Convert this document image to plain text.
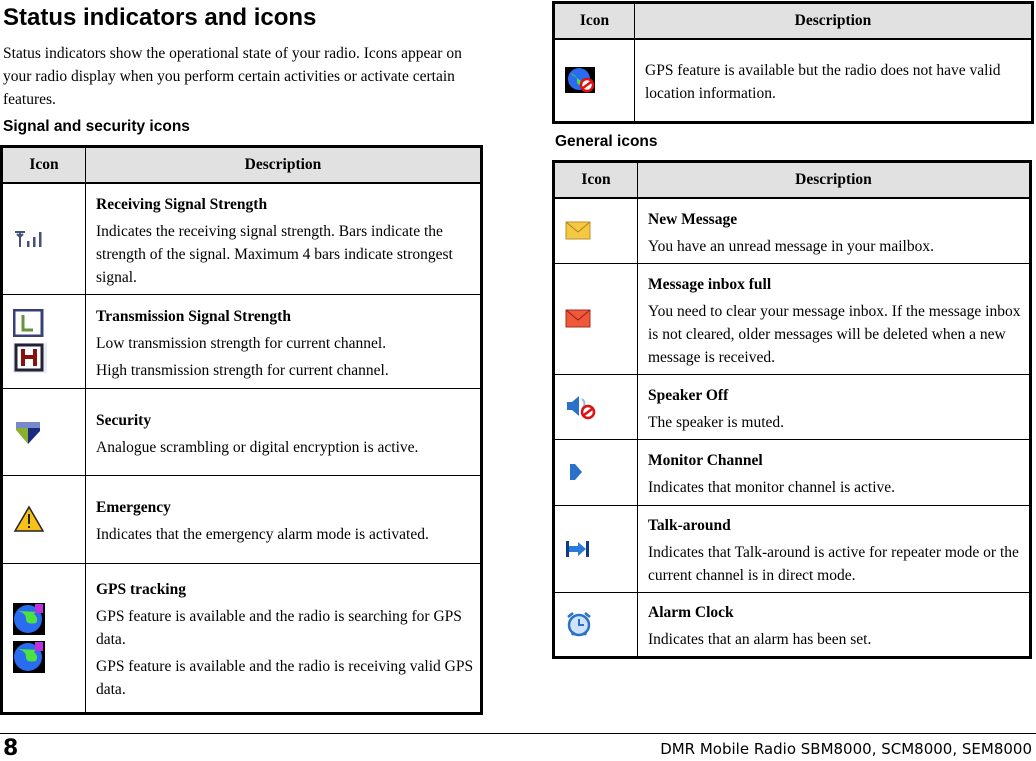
Status indicators and icons
Status indicators show the operational state of your radio. Icons appear on your radio display when you perform certain activities or activate certain features.
Signal and security icons
Icon	Description

Receiving Signal Strength
Indicates the receiving signal strength. Bars indicate the strength of the signal. Maximum 4 bars indicate strongest signal.

Transmission Signal Strength
Low transmission strength for current channel.
High transmission strength for current channel.

Security
Analogue scrambling or digital encryption is active.

Emergency
Indicates that the emergency alarm mode is activated.

GPS tracking
GPS feature is available and the radio is searching for GPS data.
GPS feature is available and the radio is receiving valid GPS data.
Icon	Description

GPS feature is available but the radio does not have valid location information.
General icons
Icon	Description

New Message
You have an unread message in your mailbox.

Message inbox full
You need to clear your message inbox. If the message inbox is not cleared, older messages will be deleted when a new message is received.

Speaker Off
The speaker is muted.

Monitor Channel
Indicates that monitor channel is active.

Talk-around
Indicates that Talk-around is active for repeater mode or the current channel is in direct mode.

Alarm Clock
Indicates that an alarm has been set.
8	DMR Mobile Radio SBM8000, SCM8000, SEM8000
